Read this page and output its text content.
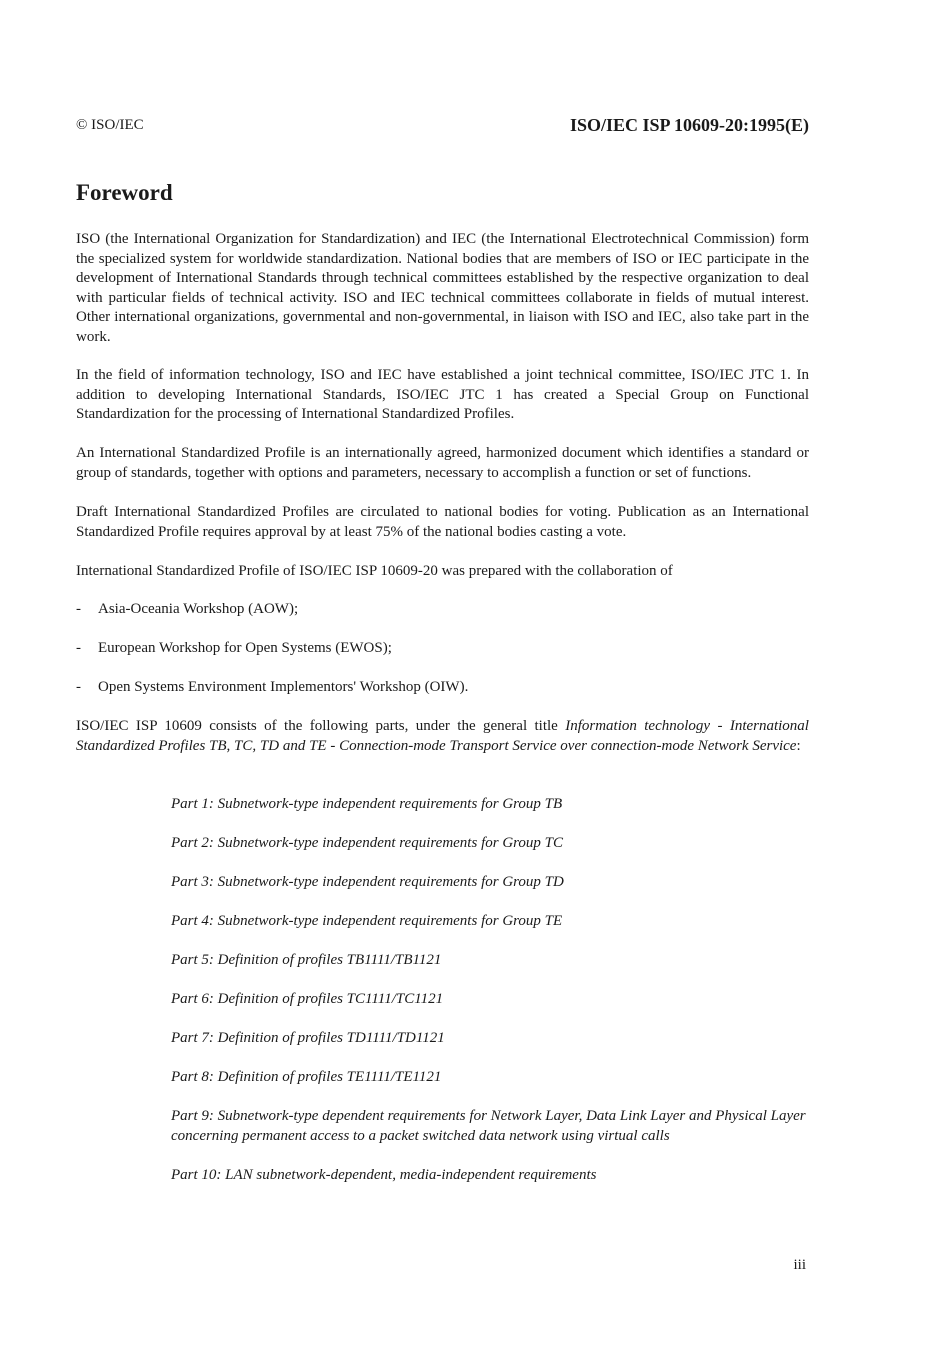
© ISO/IEC	ISO/IEC ISP 10609-20:1995(E)
Foreword

ISO (the International Organization for Standardization) and IEC (the International Electrotechnical Commission) form the specialized system for worldwide standardization. National bodies that are members of ISO or IEC participate in the development of International Standards through technical committees established by the respective organization to deal with particular fields of technical activity. ISO and IEC technical committees collaborate in fields of mutual interest. Other international organizations, governmental and non-governmental, in liaison with ISO and IEC, also take part in the work.

In the field of information technology, ISO and IEC have established a joint technical committee, ISO/IEC JTC 1. In addition to developing International Standards, ISO/IEC JTC 1 has created a Special Group on Functional Standardization for the processing of International Standardized Profiles.

An International Standardized Profile is an internationally agreed, harmonized document which identifies a standard or group of standards, together with options and parameters, necessary to accomplish a function or set of functions.

Draft International Standardized Profiles are circulated to national bodies for voting. Publication as an International Standardized Profile requires approval by at least 75% of the national bodies casting a vote.

International Standardized Profile of ISO/IEC ISP 10609-20 was prepared with the collaboration of

- Asia-Oceania Workshop (AOW);
- European Workshop for Open Systems (EWOS);
- Open Systems Environment Implementors' Workshop (OIW).

ISO/IEC ISP 10609 consists of the following parts, under the general title Information technology - International Standardized Profiles TB, TC, TD and TE - Connection-mode Transport Service over connection-mode Network Service:

Part 1: Subnetwork-type independent requirements for Group TB

Part 2: Subnetwork-type independent requirements for Group TC

Part 3: Subnetwork-type independent requirements for Group TD

Part 4: Subnetwork-type independent requirements for Group TE

Part 5: Definition of profiles TB1111/TB1121

Part 6: Definition of profiles TC1111/TC1121

Part 7: Definition of profiles TD1111/TD1121

Part 8: Definition of profiles TE1111/TE1121

Part 9: Subnetwork-type dependent requirements for Network Layer, Data Link Layer and Physical Layer concerning permanent access to a packet switched data network using virtual calls

Part 10: LAN subnetwork-dependent, media-independent requirements

iii
